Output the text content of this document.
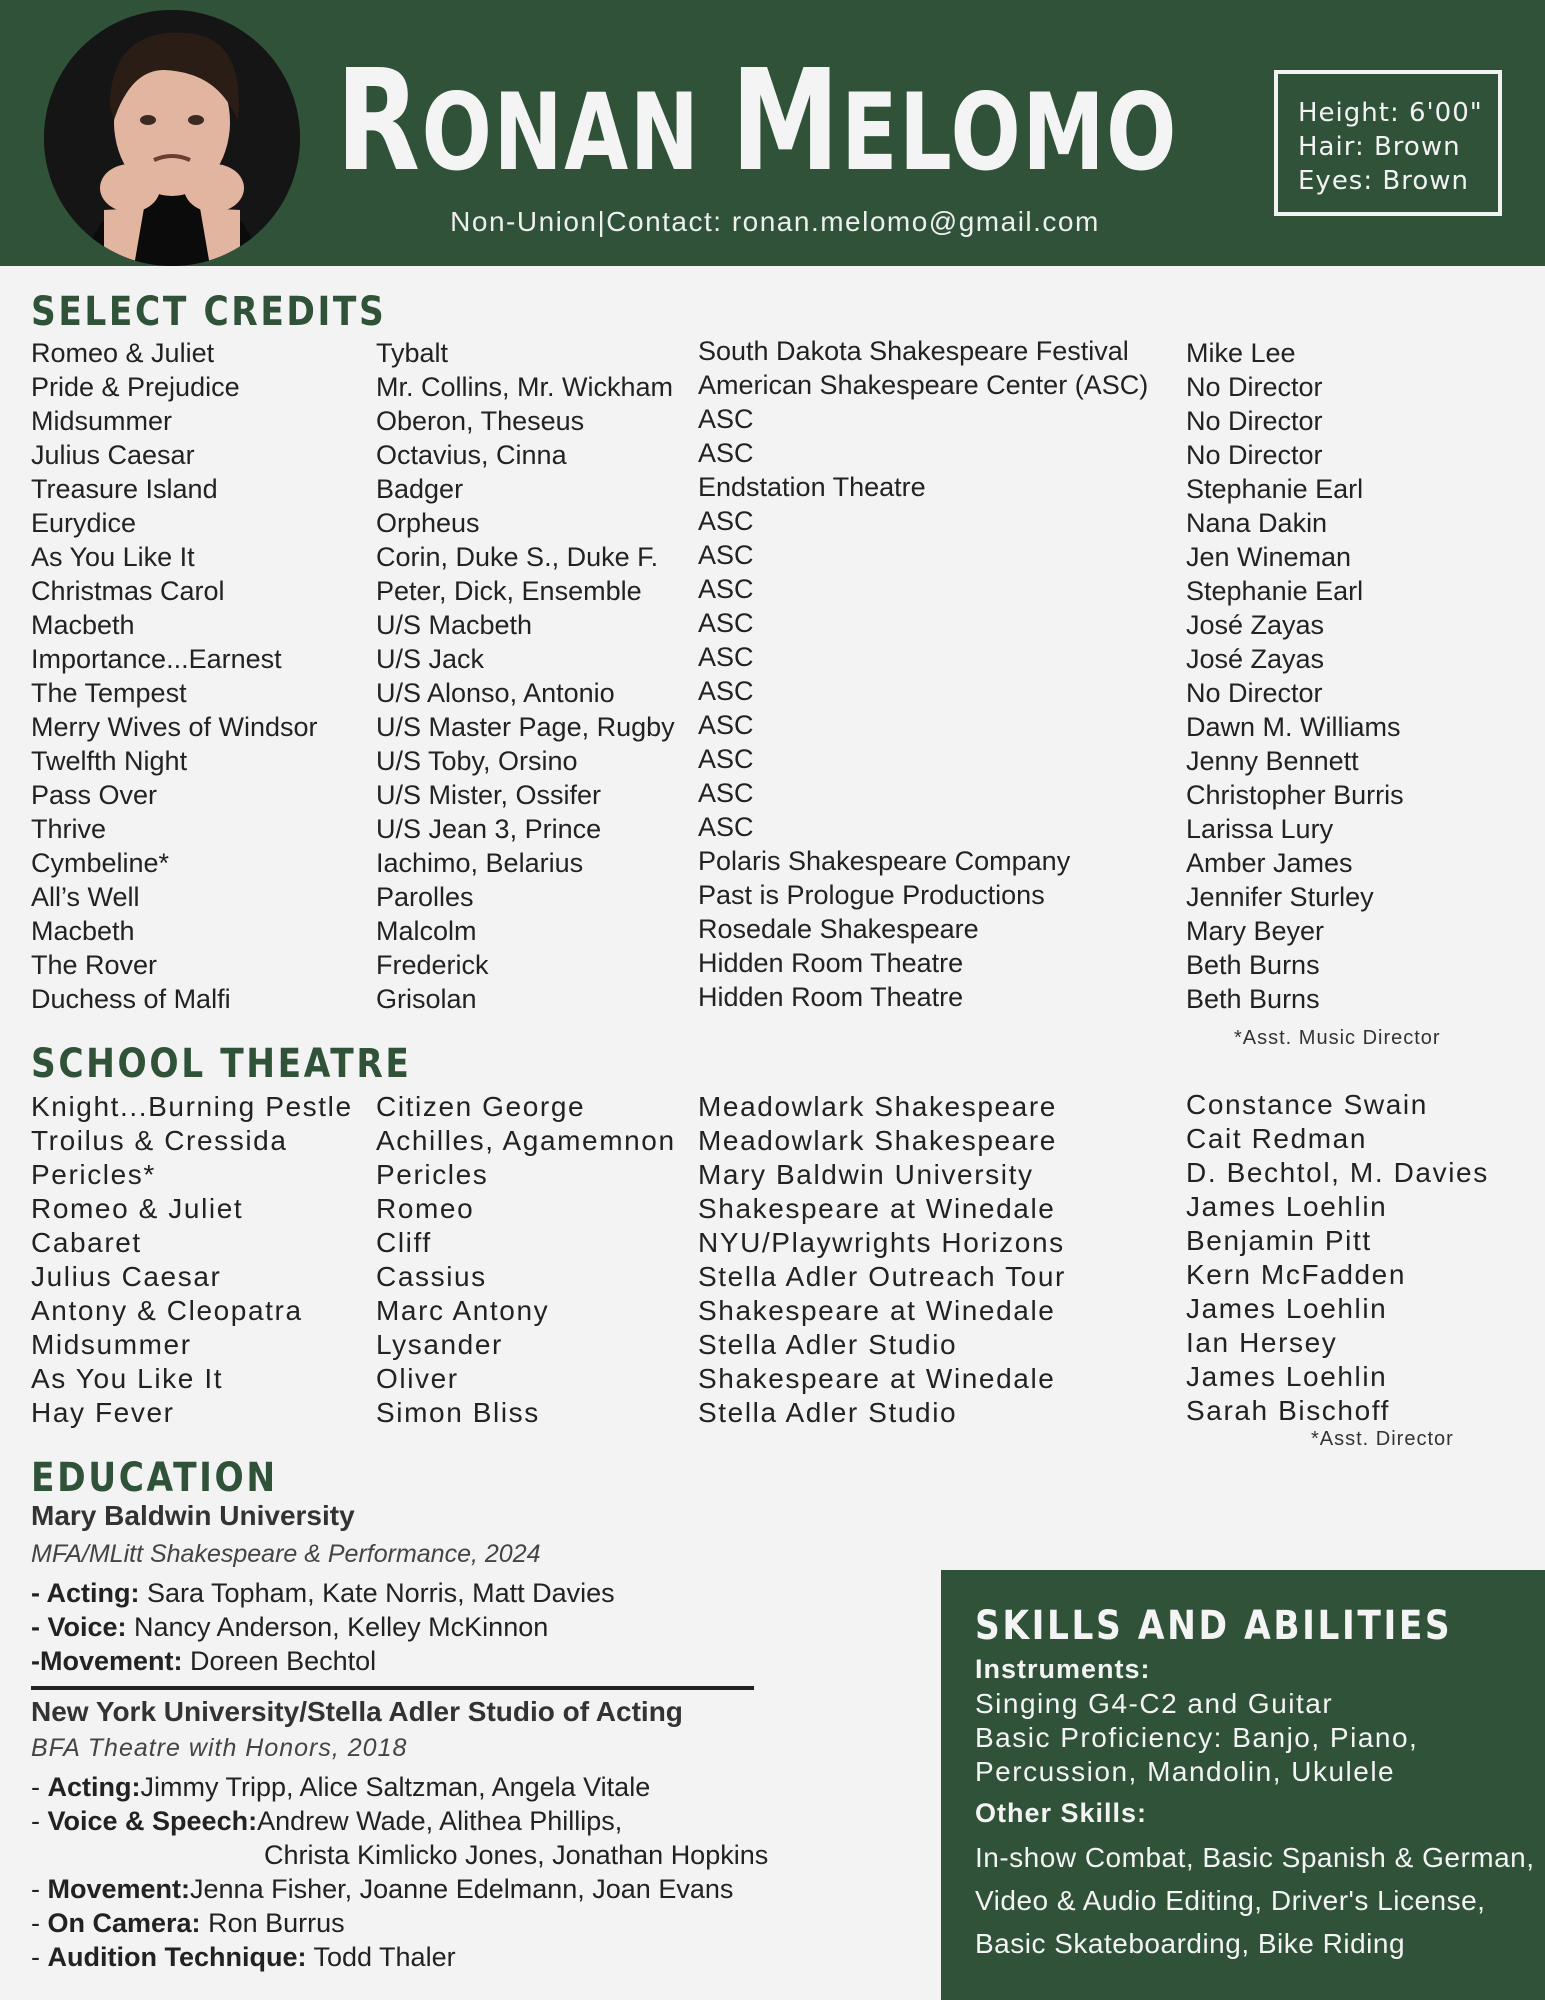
RONAN MELOMO
Non-Union|Contact: ronan.melomo@gmail.com
Height: 6'00"
Hair: Brown
Eyes: Brown
SELECT CREDITS
Romeo & Juliet
Pride & Prejudice
Midsummer
Julius Caesar
Treasure Island
Eurydice
As You Like It
Christmas Carol
Macbeth
Importance...Earnest
The Tempest
Merry Wives of Windsor
Twelfth Night
Pass Over
Thrive
Cymbeline*
All’s Well
Macbeth
The Rover
Duchess of Malfi
Tybalt
Mr. Collins, Mr. Wickham
Oberon, Theseus
Octavius, Cinna
Badger
Orpheus
Corin, Duke S., Duke F.
Peter, Dick, Ensemble
U/S Macbeth
U/S Jack
U/S Alonso, Antonio
U/S Master Page, Rugby
U/S Toby, Orsino
U/S Mister, Ossifer
U/S Jean 3, Prince
Iachimo, Belarius
Parolles
Malcolm
Frederick
Grisolan
South Dakota Shakespeare Festival
American Shakespeare Center (ASC)
ASC
ASC
Endstation Theatre
ASC
ASC
ASC
ASC
ASC
ASC
ASC
ASC
ASC
ASC
Polaris Shakespeare Company
Past is Prologue Productions
Rosedale Shakespeare
Hidden Room Theatre
Hidden Room Theatre
Mike Lee
No Director
No Director
No Director
Stephanie Earl
Nana Dakin
Jen Wineman
Stephanie Earl
José Zayas
José Zayas
No Director
Dawn M. Williams
Jenny Bennett
Christopher Burris
Larissa Lury
Amber James
Jennifer Sturley
Mary Beyer
Beth Burns
Beth Burns
*Asst. Music Director
SCHOOL THEATRE
Knight...Burning Pestle
Troilus & Cressida
Pericles*
Romeo & Juliet
Cabaret
Julius Caesar
Antony & Cleopatra
Midsummer
As You Like It
Hay Fever
Citizen George
Achilles, Agamemnon
Pericles
Romeo
Cliff
Cassius
Marc Antony
Lysander
Oliver
Simon Bliss
Meadowlark Shakespeare
Meadowlark Shakespeare
Mary Baldwin University
Shakespeare at Winedale
NYU/Playwrights Horizons
Stella Adler Outreach Tour
Shakespeare at Winedale
Stella Adler Studio
Shakespeare at Winedale
Stella Adler Studio
Constance Swain
Cait Redman
D. Bechtol, M. Davies
James Loehlin
Benjamin Pitt
Kern McFadden
James Loehlin
Ian Hersey
James Loehlin
Sarah Bischoff
*Asst. Director
EDUCATION
Mary Baldwin University
MFA/MLitt Shakespeare & Performance, 2024
- Acting: Sara Topham, Kate Norris, Matt Davies
- Voice: Nancy Anderson, Kelley McKinnon
-Movement: Doreen Bechtol
New York University/Stella Adler Studio of Acting
BFA Theatre with Honors, 2018
- Acting:Jimmy Tripp, Alice Saltzman, Angela Vitale
- Voice & Speech:Andrew Wade, Alithea Phillips,
Christa Kimlicko Jones, Jonathan Hopkins
- Movement:Jenna Fisher, Joanne Edelmann, Joan Evans
- On Camera: Ron Burrus
- Audition Technique: Todd Thaler
SKILLS AND ABILITIES
Instruments:
Singing G4-C2 and Guitar
Basic Proficiency: Banjo, Piano,
Percussion, Mandolin, Ukulele
Other Skills:
In-show Combat, Basic Spanish & German,
Video & Audio Editing, Driver's License,
Basic Skateboarding, Bike Riding
